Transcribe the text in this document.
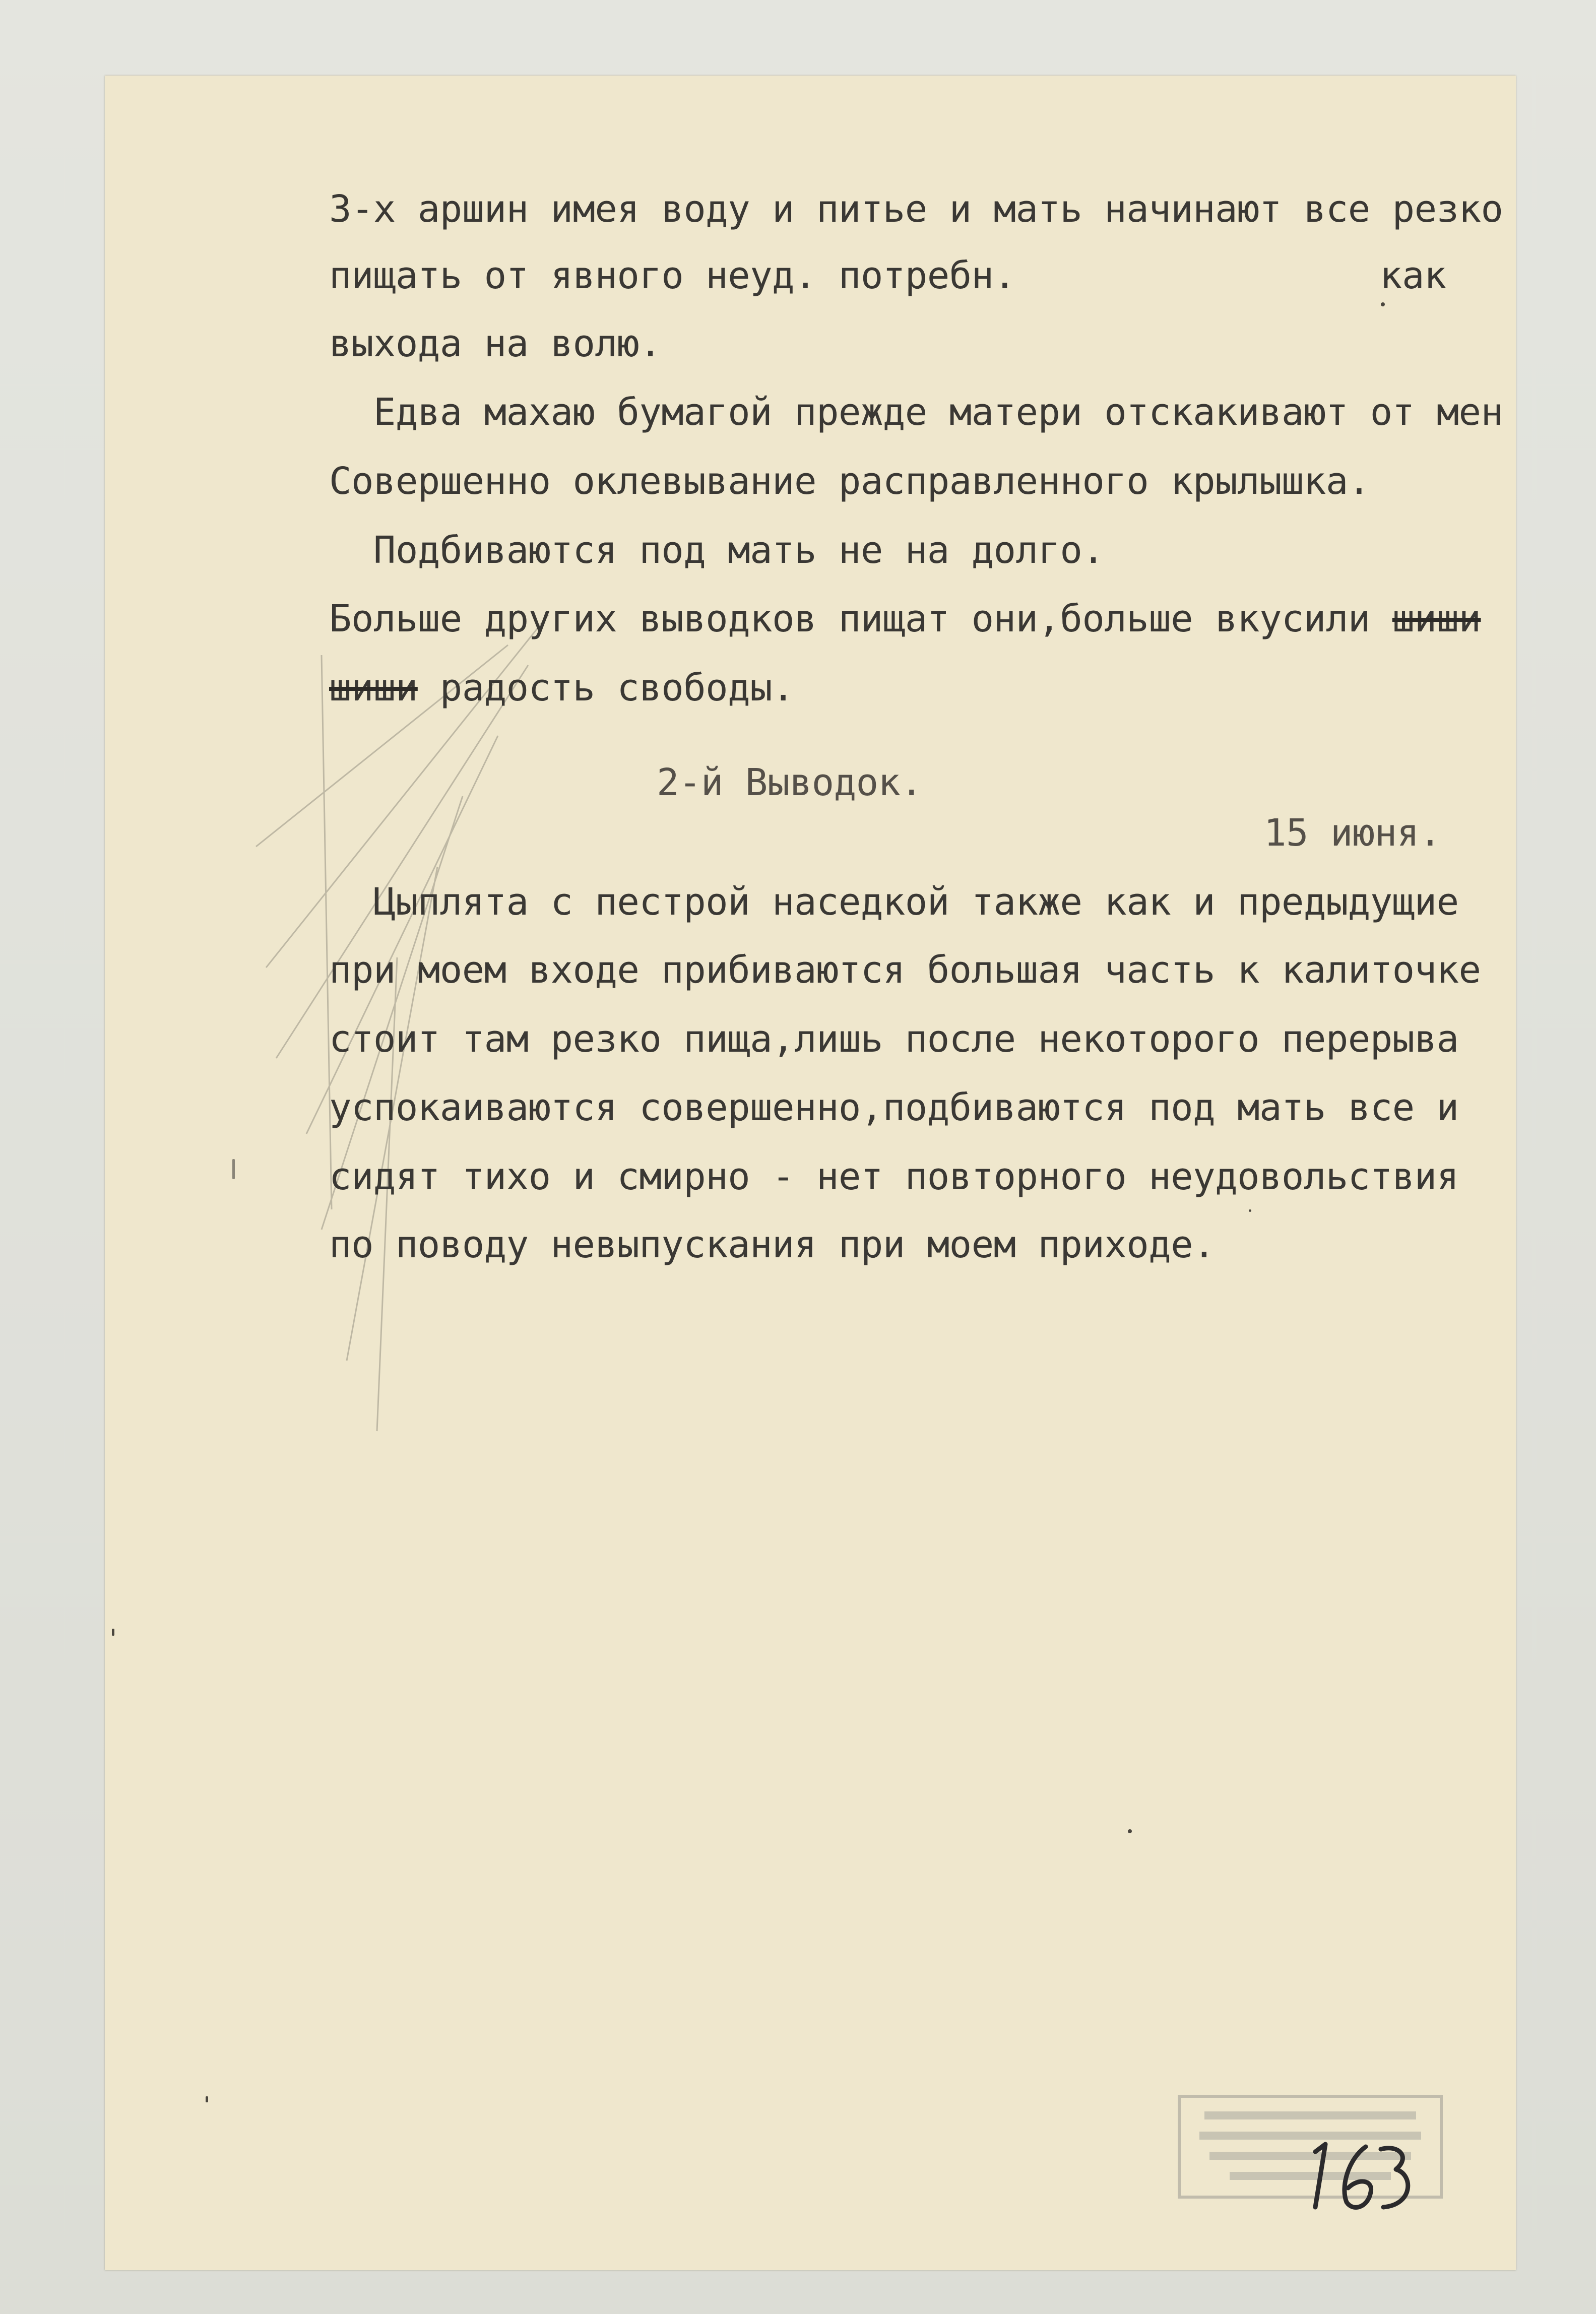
3-х аршин имея воду и питье и мать начинают все резко

пищать от явного неуд. потребн.	как

выхода на волю.

Едва махаю бумагой прежде матери отскакивают от мен

Совершенно оклевывание расправленного крылышка.

Подбиваются под мать не на долго.

Больше других выводков пищат они,больше вкусили шиши

шиши радость свободы.

2-й Выводок.

15 июня.

Цыплята с пестрой наседкой также как и предыдущие

при моем входе прибиваются большая часть к калиточке

стоит там резко пища,лишь после некоторого перерыва

успокаиваются совершенно,подбиваются под мать все и

сидят тихо и смирно - нет повторного неудовольствия

по поводу невыпускания при моем приходе.

163
